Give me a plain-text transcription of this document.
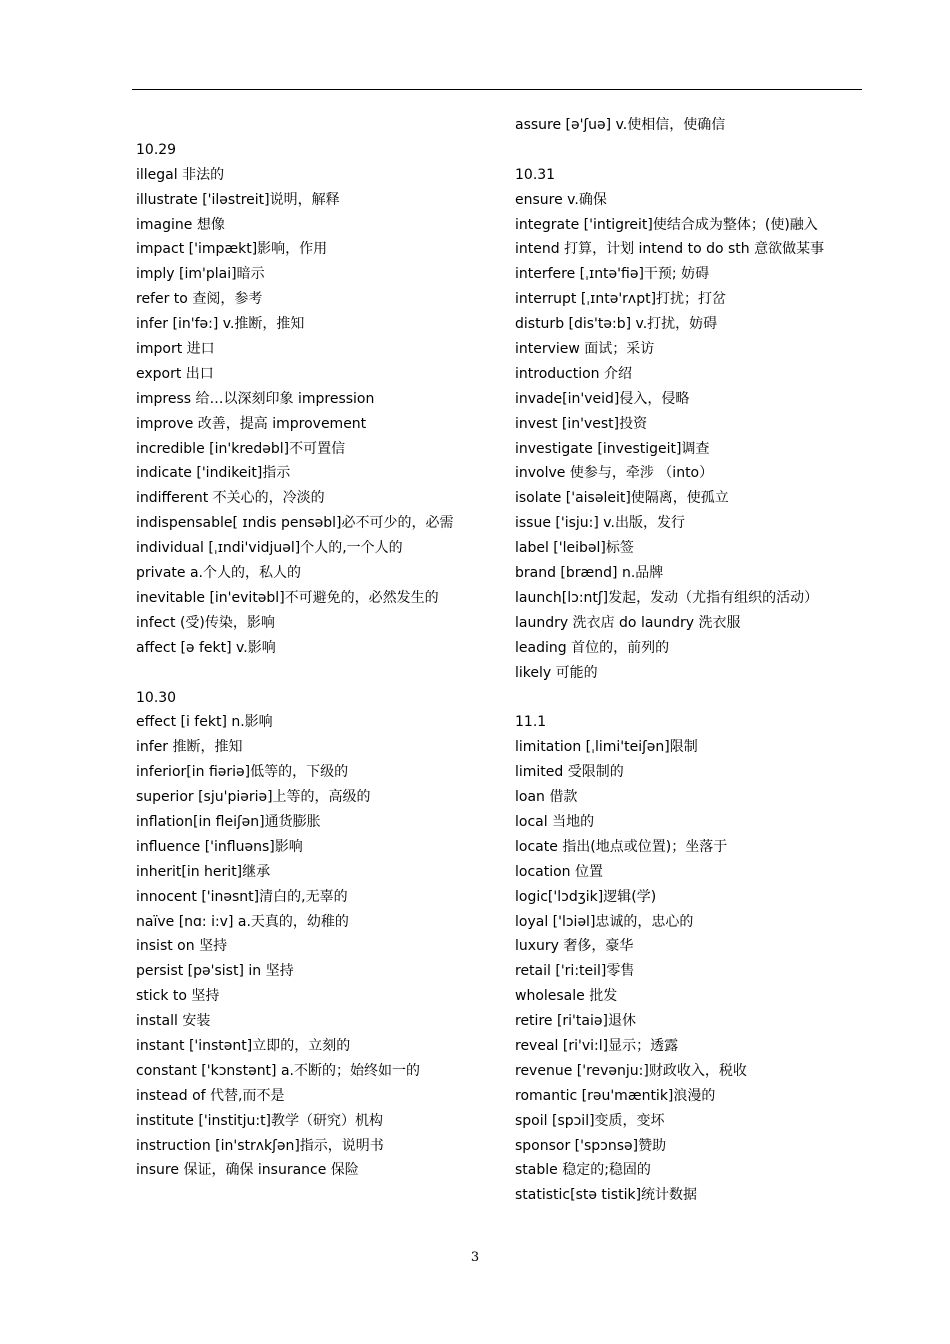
10.29
illegal 非法的
illustrate ['iləstreit]说明，解释
imagine 想像
impact ['impækt]影响，作用
imply [im'plai]暗示
refer to 查阅，参考
infer [in'fə:] v.推断，推知
import 进口
export 出口
impress 给…以深刻印象 impression
improve 改善，提高 improvement
incredible [in'kredəbl]不可置信
indicate ['indikeit]指示
indifferent 不关心的，冷淡的
indispensable[ ɪndis pensəbl]必不可少的，必需
individual [ˌɪndi'vidjuəl]个人的,一个人的
private a.个人的，私人的
inevitable [in'evitəbl]不可避免的，必然发生的
infect (受)传染，影响
affect [ə fekt] v.影响
10.30
effect [i fekt] n.影响
infer 推断，推知
inferior[in fiəriə]低等的，下级的
superior [sju'piəriə]上等的，高级的
inflation[in fleiʃən]通货膨胀
influence ['influəns]影响
inherit[in herit]继承
innocent ['inəsnt]清白的,无辜的
naïve [nɑ: i:v] a.天真的，幼稚的
insist on 坚持
persist [pə'sist] in 坚持
stick to 坚持
install 安装
instant ['instənt]立即的，立刻的
constant ['kɔnstənt] a.不断的；始终如一的
instead of 代替,而不是
institute ['institju:t]教学（研究）机构
instruction [in'strʌkʃən]指示，说明书
insure 保证，确保 insurance 保险
assure [ə'ʃuə] v.使相信，使确信
10.31
ensure v.确保
integrate ['intigreit]使结合成为整体；(使)融入
intend 打算，计划 intend to do sth 意欲做某事
interfere [ˌɪntə'fiə]干预; 妨碍
interrupt [ˌɪntə'rʌpt]打扰；打岔
disturb [dis'tə:b] v.打扰，妨碍
interview 面试；采访
introduction 介绍
invade[in'veid]侵入，侵略
invest [in'vest]投资
investigate [investigeit]调查
involve 使参与，牵涉 （into）
isolate ['aisəleit]使隔离，使孤立
issue ['isju:] v.出版，发行
label ['leibəl]标签
brand [brænd] n.品牌
launch[lɔ:ntʃ]发起，发动（尤指有组织的活动）
laundry 洗衣店 do laundry 洗衣服
leading 首位的，前列的
likely 可能的
11.1
limitation [ˌlimi'teiʃən]限制
limited 受限制的
loan 借款
local 当地的
locate 指出(地点或位置)；坐落于
location 位置
logic['lɔdʒik]逻辑(学)
loyal ['lɔiəl]忠诚的，忠心的
luxury 奢侈，豪华
retail ['ri:teil]零售
wholesale 批发
retire [ri'taiə]退休
reveal [ri'vi:l]显示；透露
revenue ['revənju:]财政收入，税收
romantic [rəu'mæntik]浪漫的
spoil [spɔil]变质，变坏
sponsor ['spɔnsə]赞助
stable 稳定的;稳固的
statistic[stə tistik]统计数据
3
